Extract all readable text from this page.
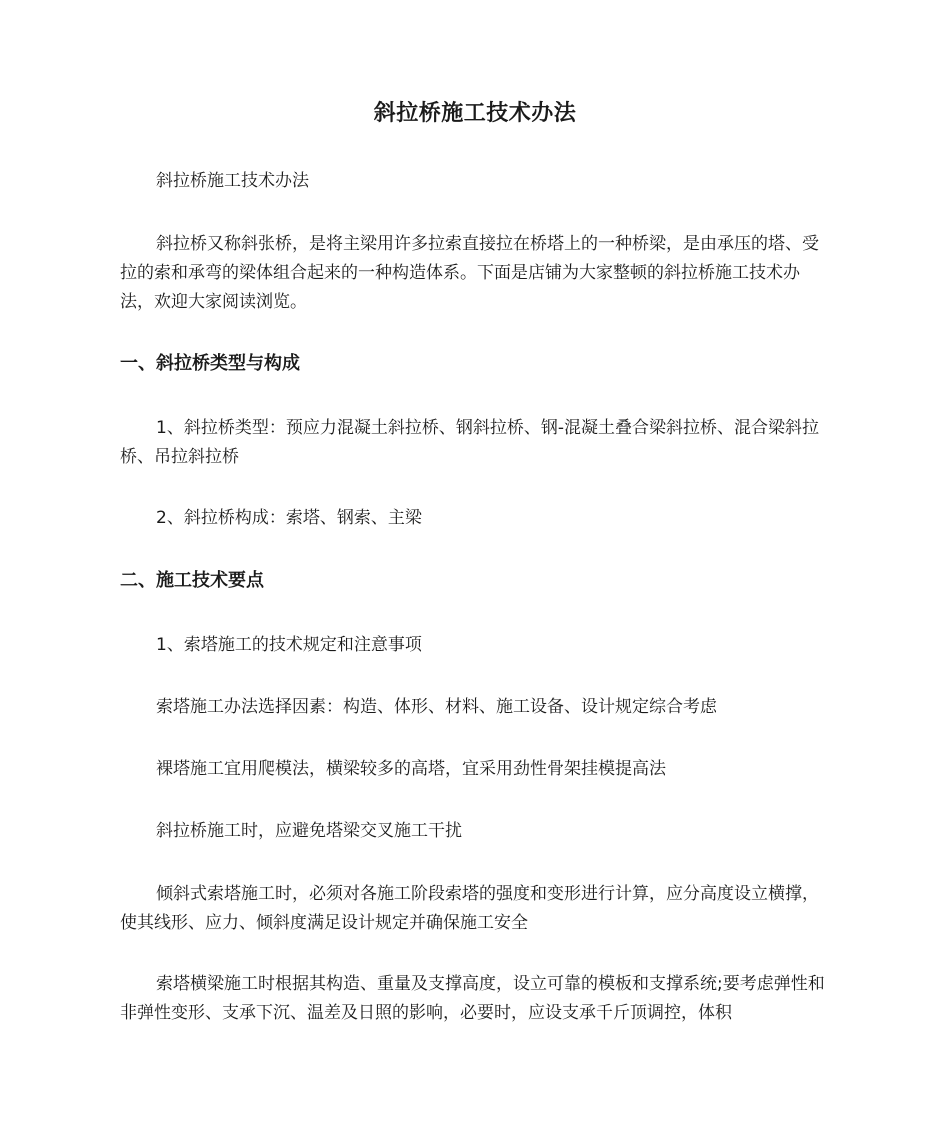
斜拉桥施工技术办法

斜拉桥施工技术办法

斜拉桥又称斜张桥，是将主梁用许多拉索直接拉在桥塔上的一种桥梁，是由承压的塔、受拉的索和承弯的梁体组合起来的一种构造体系。下面是店铺为大家整顿的斜拉桥施工技术办法，欢迎大家阅读浏览。

一、斜拉桥类型与构成

1、斜拉桥类型：预应力混凝土斜拉桥、钢斜拉桥、钢-混凝土叠合梁斜拉桥、混合梁斜拉桥、吊拉斜拉桥

2、斜拉桥构成：索塔、钢索、主梁

二、施工技术要点

1、索塔施工的技术规定和注意事项

索塔施工办法选择因素：构造、体形、材料、施工设备、设计规定综合考虑

裸塔施工宜用爬模法，横梁较多的高塔，宜采用劲性骨架挂模提高法

斜拉桥施工时，应避免塔梁交叉施工干扰

倾斜式索塔施工时，必须对各施工阶段索塔的强度和变形进行计算，应分高度设立横撑，使其线形、应力、倾斜度满足设计规定并确保施工安全

索塔横梁施工时根据其构造、重量及支撑高度，设立可靠的模板和支撑系统;要考虑弹性和非弹性变形、支承下沉、温差及日照的影响，必要时，应设支承千斤顶调控，体积
